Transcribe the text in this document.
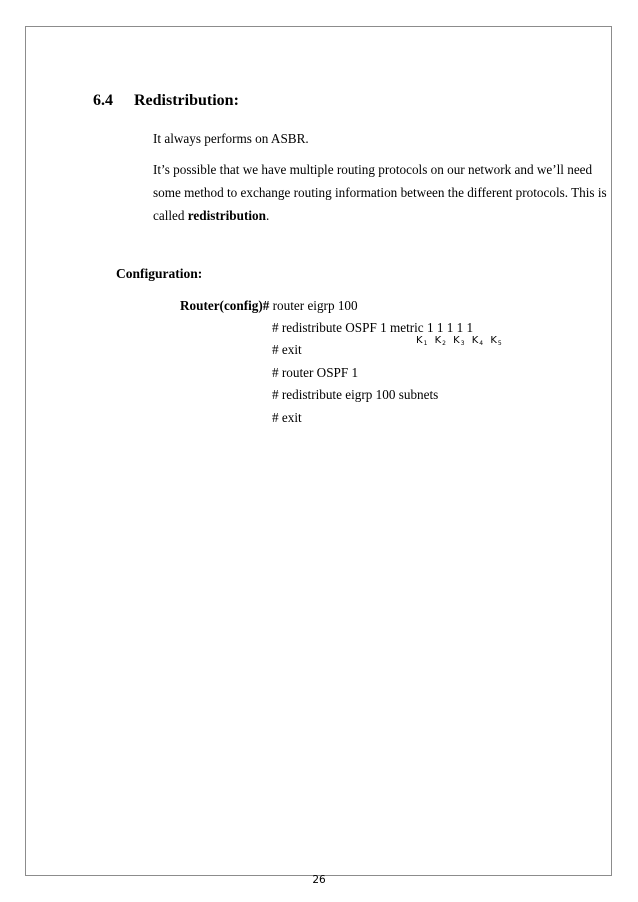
6.4 Redistribution:
It always performs on ASBR.
It’s possible that we have multiple routing protocols on our network and we’ll need some method to exchange routing information between the different protocols. This is called redistribution.
Configuration:
Router(config)# router eigrp 100
# redistribute OSPF 1 metric 1 1 1 1 1
# exit
# router OSPF 1
# redistribute eigrp 100 subnets
# exit
$K_1$ $K_2$ $K_3$ $K_4$ $K_5$
26
